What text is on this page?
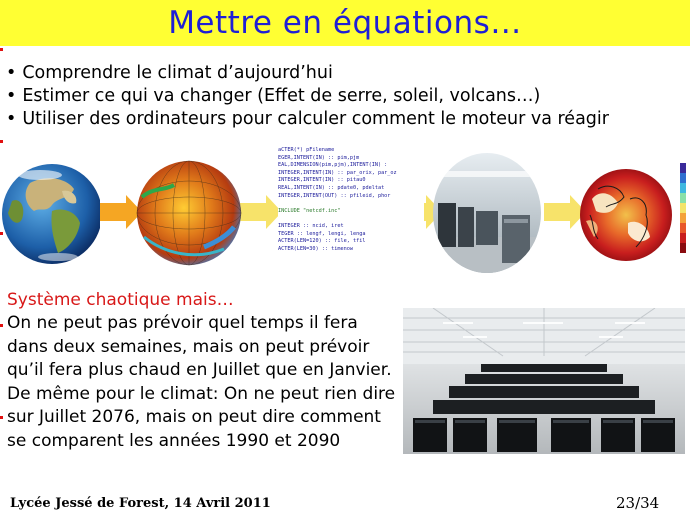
Mettre en équations…
• Comprendre le climat d’aujourd’hui
• Estimer ce qui va changer (Effet de serre, soleil, volcans…)
• Utiliser des ordinateurs pour calculer comment le moteur va réagir
aCTER(*) pFilename
EGER,INTENT(IN) :: pim,pjm
EAL,DIMENSION(pim,pjm),INTENT(IN) :
INTEGER,INTENT(IN) :: par_orix, par_oz
INTEGER,INTENT(IN) :: pitau0
REAL,INTENT(IN) :: pdate0, pdeltat
INTEGER,INTENT(OUT) :: pfileid, phor

INCLUDE "netcdf.inc"

INTEGER :: ncid, iret
TEGER :: lengf, lengi, lenga
ACTER(LEN=120) :: file, tfil
ACTER(LEN=30) :: timenow
Système chaotique mais…

On ne peut pas prévoir quel temps il fera dans deux semaines, mais on peut prévoir qu’il fera plus chaud en Juillet que en Janvier.

De même pour le climat: On ne peut rien dire sur Juillet 2076, mais on peut dire comment se comparent les années 1990 et 2090

Lycée Jessé de Forest, 14 Avril 2011	23/34
